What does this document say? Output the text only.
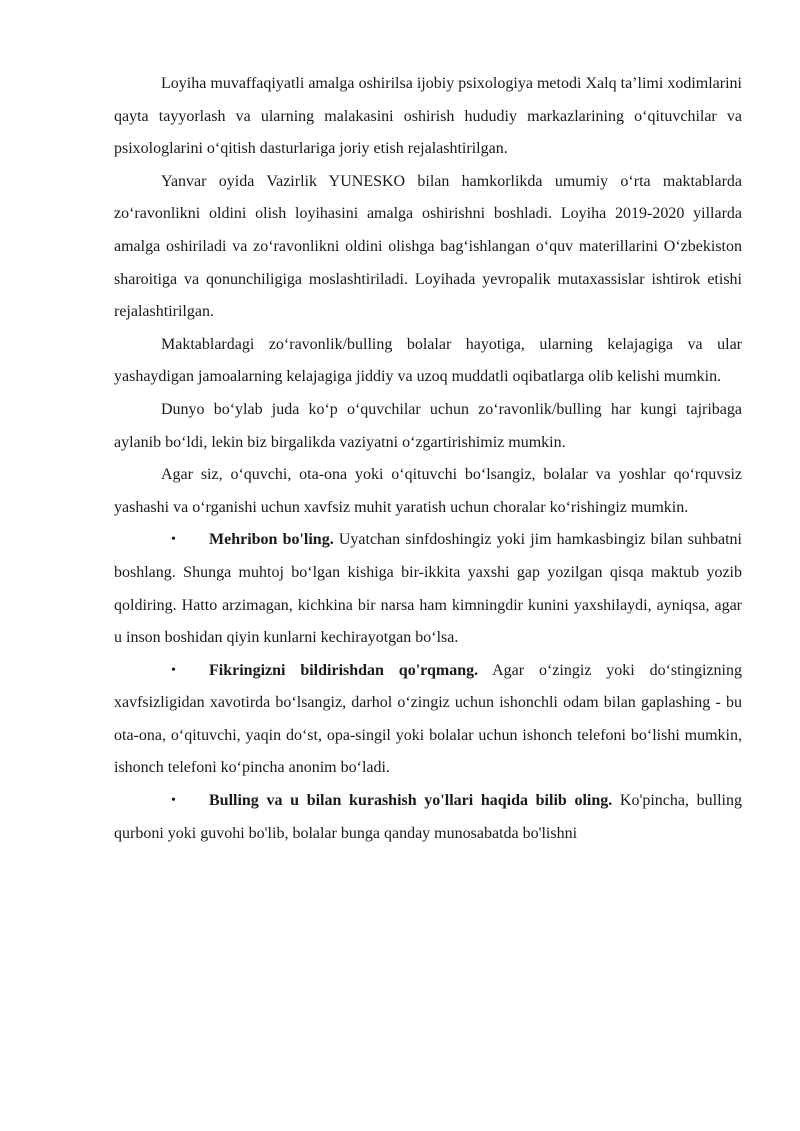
Loyiha muvaffaqiyatli amalga oshirilsa ijobiy psixologiya metodi Xalq ta’limi xodimlarini qayta tayyorlash va ularning malakasini oshirish hududiy markazlarining o‘qituvchilar va psixologlarini o‘qitish dasturlariga joriy etish rejalashtirilgan.

Yanvar oyida Vazirlik YUNESKO bilan hamkorlikda umumiy o‘rta maktablarda zo‘ravonlikni oldini olish loyihasini amalga oshirishni boshladi. Loyiha 2019-2020 yillarda amalga oshiriladi va zo‘ravonlikni oldini olishga bag‘ishlangan o‘quv materillarini O‘zbekiston sharoitiga va qonunchiligiga moslashtiriladi. Loyihada yevropalik mutaxassislar ishtirok etishi rejalashtirilgan.

Maktablardagi zo‘ravonlik/bulling bolalar hayotiga, ularning kelajagiga va ular yashaydigan jamoalarning kelajagiga jiddiy va uzoq muddatli oqibatlarga olib kelishi mumkin.

Dunyo bo‘ylab juda ko‘p o‘quvchilar uchun zo‘ravonlik/bulling har kungi tajribaga aylanib bo‘ldi, lekin biz birgalikda vaziyatni o‘zgartirishimiz mumkin.

Agar siz, o‘quvchi, ota-ona yoki o‘qituvchi bo‘lsangiz, bolalar va yoshlar qo‘rquvsiz yashashi va o‘rganishi uchun xavfsiz muhit yaratish uchun choralar ko‘rishingiz mumkin.

• Mehribon bo'ling. Uyatchan sinfdoshingiz yoki jim hamkasbingiz bilan suhbatni boshlang. Shunga muhtoj bo‘lgan kishiga bir-ikkita yaxshi gap yozilgan qisqa maktub yozib qoldiring. Hatto arzimagan, kichkina bir narsa ham kimningdir kunini yaxshilaydi, ayniqsa, agar u inson boshidan qiyin kunlarni kechirayotgan bo‘lsa.

• Fikringizni bildirishdan qo'rqmang. Agar o‘zingiz yoki do‘stingizning xavfsizligidan xavotirda bo‘lsangiz, darhol o‘zingiz uchun ishonchli odam bilan gaplashing - bu ota-ona, o‘qituvchi, yaqin do‘st, opa-singil yoki bolalar uchun ishonch telefoni bo‘lishi mumkin, ishonch telefoni ko‘pincha anonim bo‘ladi.

• Bulling va u bilan kurashish yo'llari haqida bilib oling. Ko'pincha, bulling qurboni yoki guvohi bo'lib, bolalar bunga qanday munosabatda bo'lishni
